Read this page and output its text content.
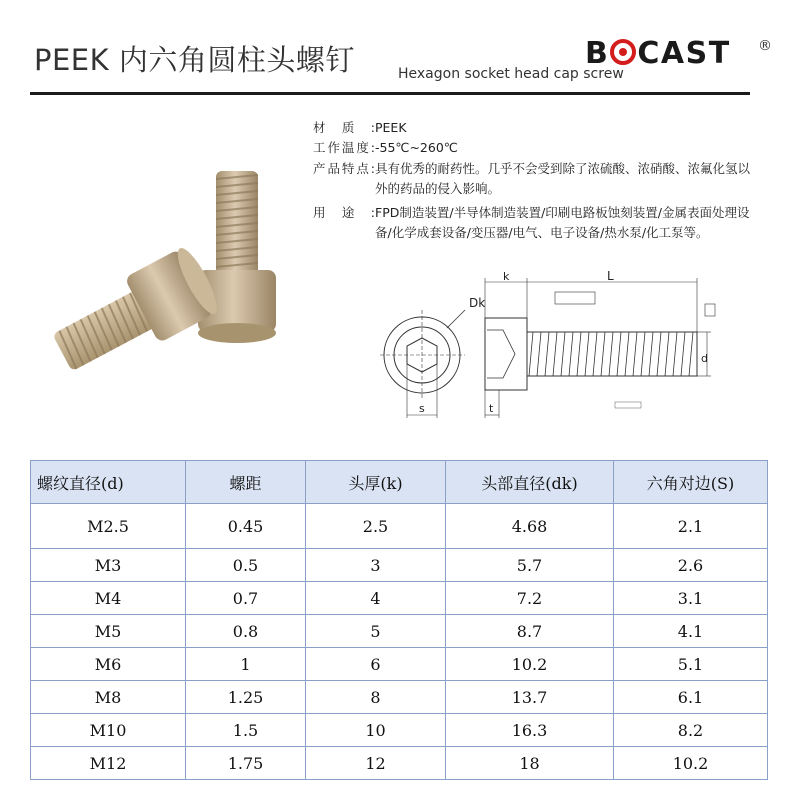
PEEK 内六角圆柱头螺钉	Hexagon socket head cap screw
B CAST ®
材质: PEEK
工作温度: -55℃~260℃
产品特点: 具有优秀的耐药性。几乎不会受到除了浓硫酸、浓硝酸、浓氟化氢以外的药品的侵入影响。
用途: FPD制造装置/半导体制造装置/印刷电路板蚀刻装置/金属表面处理设备/化学成套设备/变压器/电气、电子设备/热水泵/化工泵等。
Dk
s
k	L
t
d
螺纹直径(d)	螺距	头厚(k)	头部直径(dk)	六角对边(S)
M2.5	0.45	2.5	4.68	2.1
M3	0.5	3	5.7	2.6
M4	0.7	4	7.2	3.1
M5	0.8	5	8.7	4.1
M6	1	6	10.2	5.1
M8	1.25	8	13.7	6.1
M10	1.5	10	16.3	8.2
M12	1.75	12	18	10.2
